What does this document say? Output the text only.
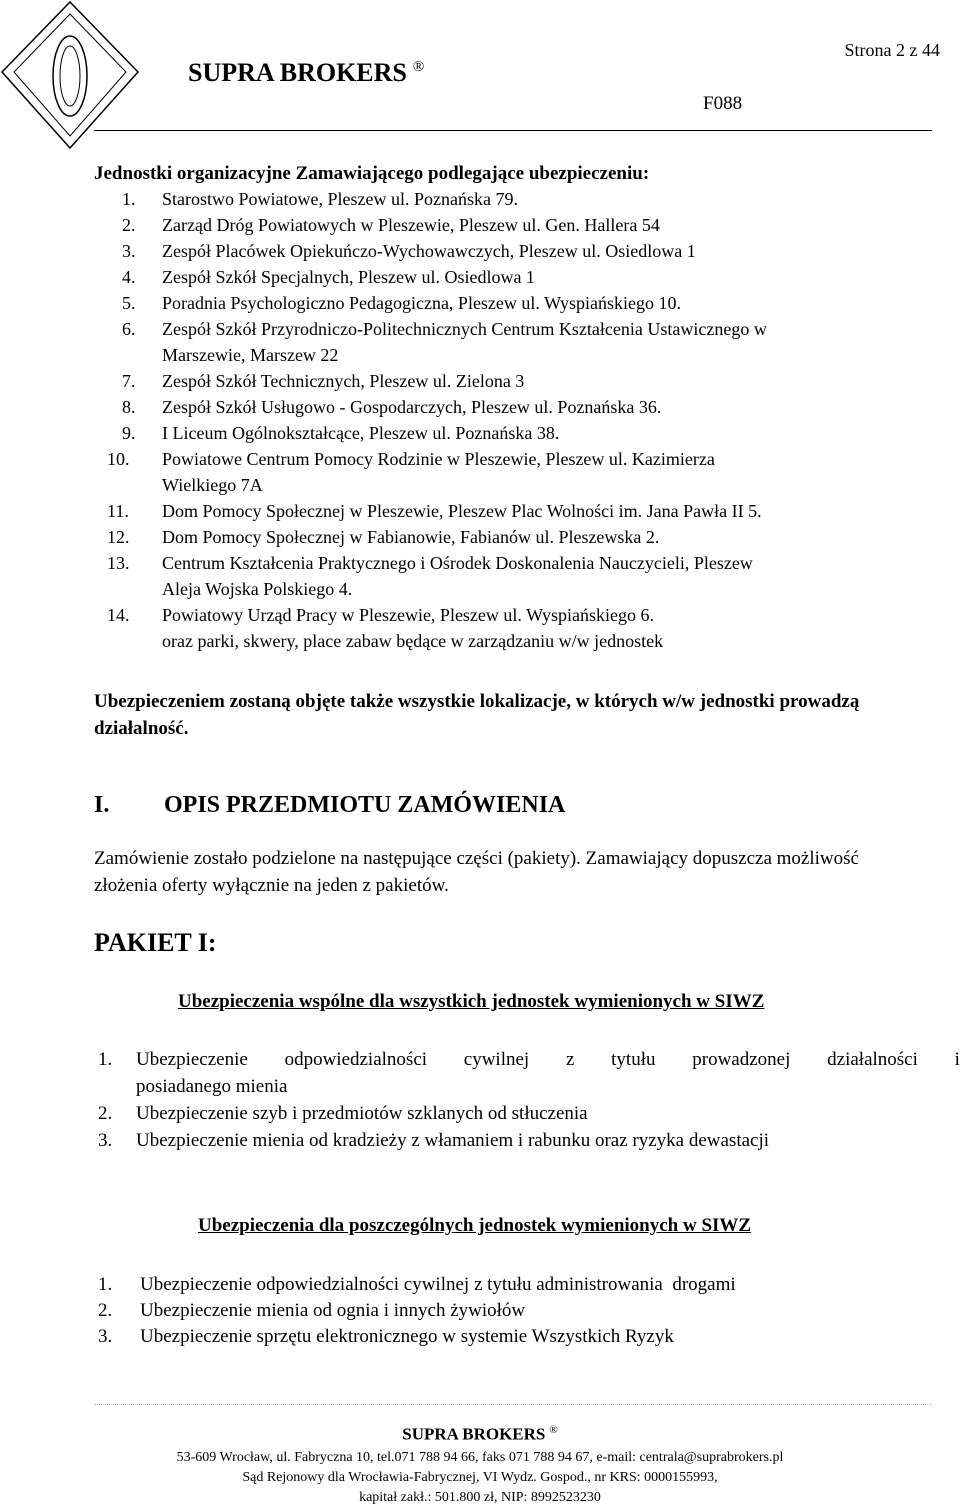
SUPRA BROKERS ®
Strona 2 z 44
F088
Jednostki organizacyjne Zamawiającego podlegające ubezpieczeniu:
1. Starostwo Powiatowe, Pleszew ul. Poznańska 79.
2. Zarząd Dróg Powiatowych w Pleszewie, Pleszew ul. Gen. Hallera 54
3. Zespół Placówek Opiekuńczo-Wychowawczych, Pleszew ul. Osiedlowa 1
4. Zespół Szkół Specjalnych, Pleszew ul. Osiedlowa 1
5. Poradnia Psychologiczno Pedagogiczna, Pleszew ul. Wyspiańskiego 10.
6. Zespół Szkół Przyrodniczo-Politechnicznych Centrum Kształcenia Ustawicznego w
Marszewie, Marszew 22
7. Zespół Szkół Technicznych, Pleszew ul. Zielona 3
8. Zespół Szkół Usługowo - Gospodarczych, Pleszew ul. Poznańska 36.
9. I Liceum Ogólnokształcące, Pleszew ul. Poznańska 38.
10. Powiatowe Centrum Pomocy Rodzinie w Pleszewie, Pleszew ul. Kazimierza
Wielkiego 7A
11. Dom Pomocy Społecznej w Pleszewie, Pleszew Plac Wolności im. Jana Pawła II 5.
12. Dom Pomocy Społecznej w Fabianowie, Fabianów ul. Pleszewska 2.
13. Centrum Kształcenia Praktycznego i Ośrodek Doskonalenia Nauczycieli, Pleszew
Aleja Wojska Polskiego 4.
14. Powiatowy Urząd Pracy w Pleszewie, Pleszew ul. Wyspiańskiego 6.
oraz parki, skwery, place zabaw będące w zarządzaniu w/w jednostek
Ubezpieczeniem zostaną objęte także wszystkie lokalizacje, w których w/w jednostki prowadzą działalność.
I. OPIS PRZEDMIOTU ZAMÓWIENIA
Zamówienie zostało podzielone na następujące części (pakiety). Zamawiający dopuszcza możliwość złożenia oferty wyłącznie na jeden z pakietów.
PAKIET I:
Ubezpieczenia wspólne dla wszystkich jednostek wymienionych w SIWZ
1. Ubezpieczenie odpowiedzialności cywilnej z tytułu prowadzonej działalności i
posiadanego mienia
2. Ubezpieczenie szyb i przedmiotów szklanych od stłuczenia
3. Ubezpieczenie mienia od kradzieży z włamaniem i rabunku oraz ryzyka dewastacji
Ubezpieczenia dla poszczególnych jednostek wymienionych w SIWZ
1. Ubezpieczenie odpowiedzialności cywilnej z tytułu administrowania  drogami
2. Ubezpieczenie mienia od ognia i innych żywiołów
3. Ubezpieczenie sprzętu elektronicznego w systemie Wszystkich Ryzyk
SUPRA BROKERS ®
53-609 Wrocław, ul. Fabryczna 10, tel.071 788 94 66, faks 071 788 94 67, e-mail: centrala@suprabrokers.pl
Sąd Rejonowy dla Wrocławia-Fabrycznej, VI Wydz. Gospod., nr KRS: 0000155993,
kapitał zakł.: 501.800 zł, NIP: 8992523230
